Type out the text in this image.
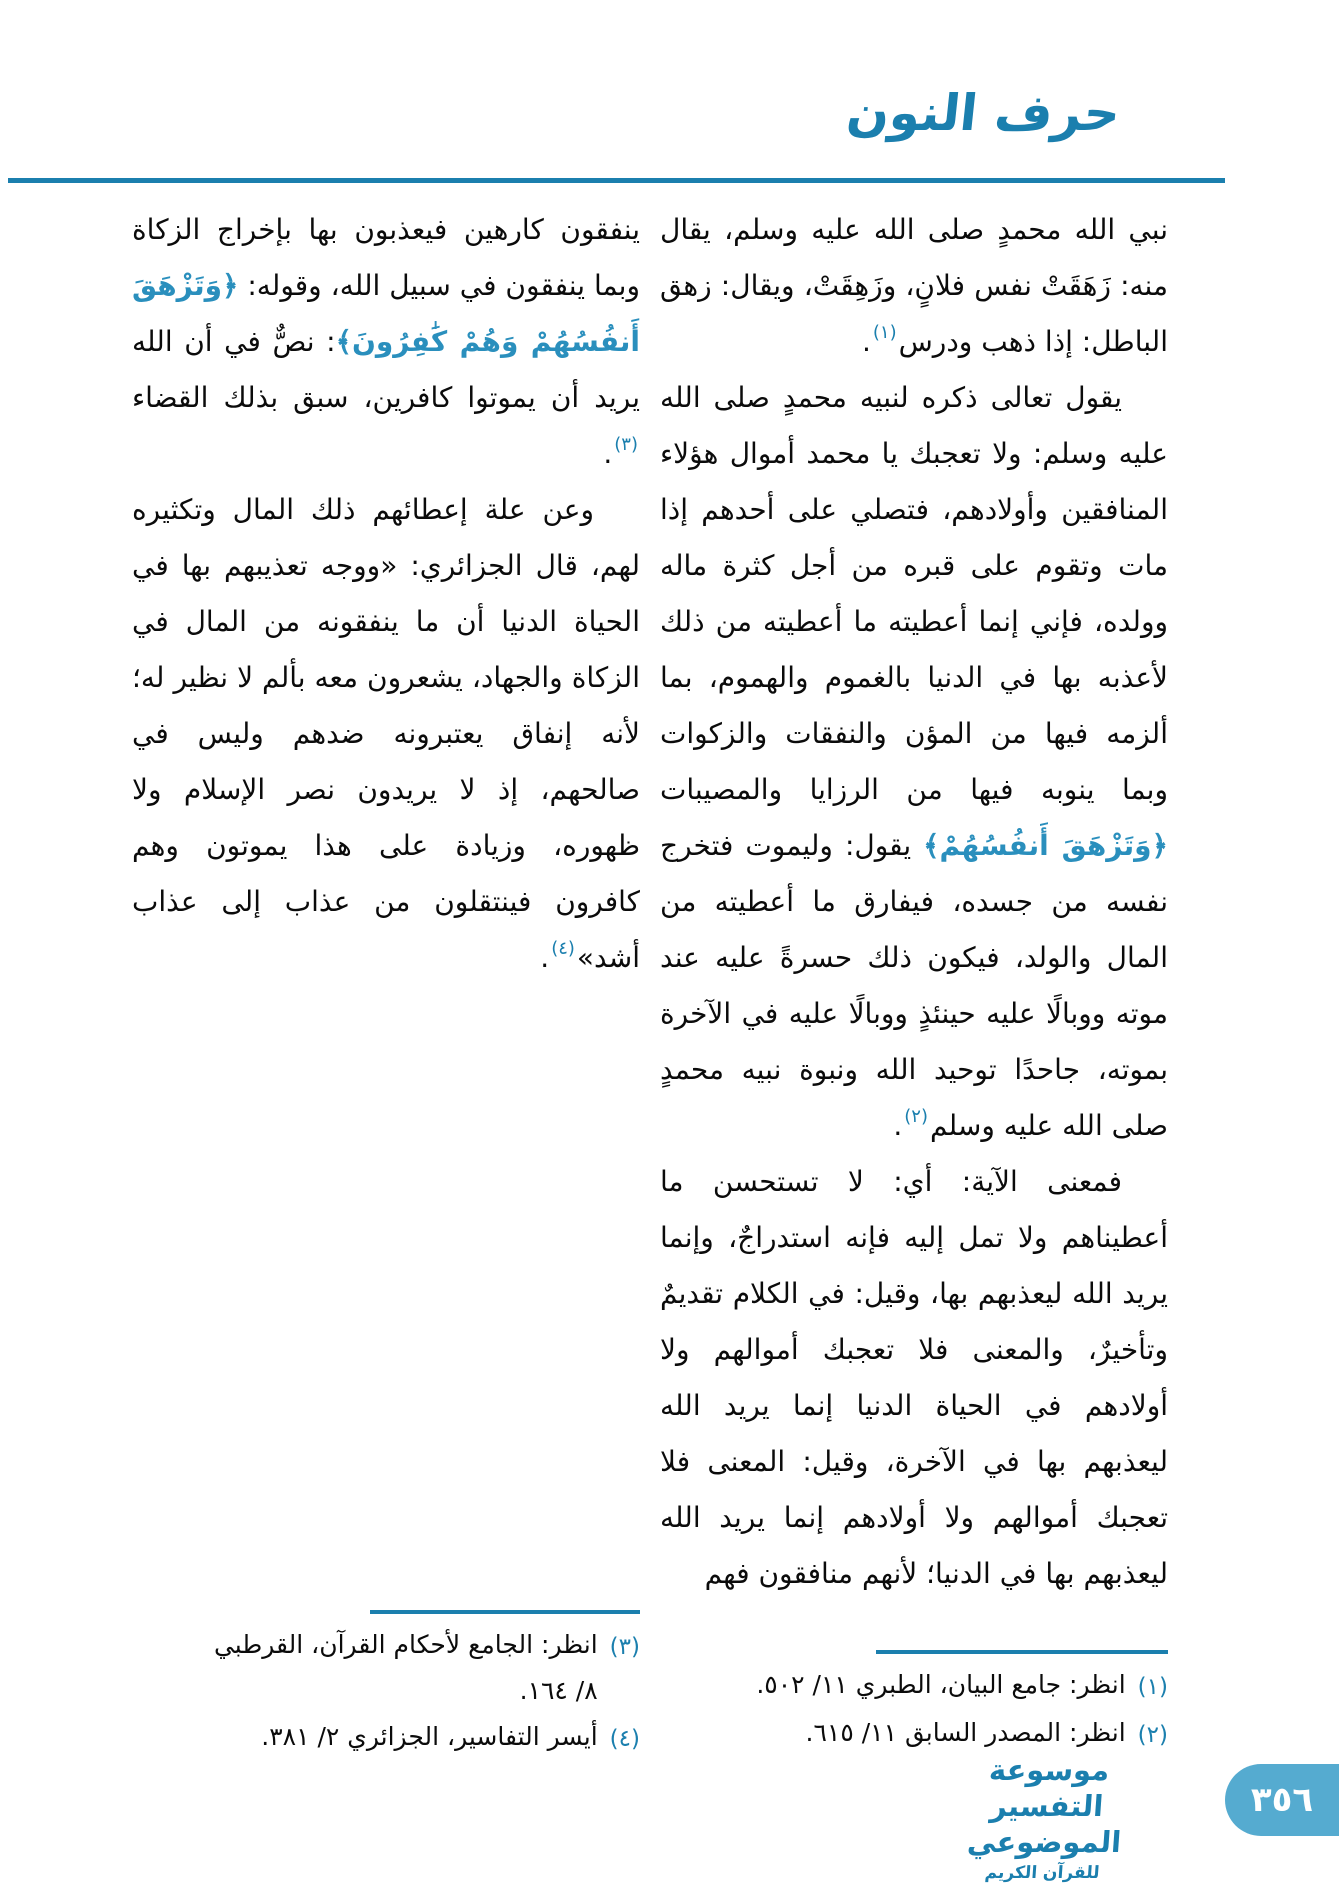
حرف النون

نبي الله محمدٍ صلى الله عليه وسلم، يقال منه: زَهَقَتْ نفس فلانٍ، وزَهِقَتْ، ويقال: زهق الباطل: إذا ذهب ودرس$^{(١)}$.

يقول تعالى ذكره لنبيه محمدٍ صلى الله عليه وسلم: ولا تعجبك يا محمد أموال هؤلاء المنافقين وأولادهم، فتصلي على أحدهم إذا مات وتقوم على قبره من أجل كثرة ماله وولده، فإني إنما أعطيته ما أعطيته من ذلك لأعذبه بها في الدنيا بالغموم والهموم، بما ألزمه فيها من المؤن والنفقات والزكوات وبما ينوبه فيها من الرزايا والمصيبات ﴿وَتَزْهَقَ أَنفُسُهُمْ﴾ يقول: وليموت فتخرج نفسه من جسده، فيفارق ما أعطيته من المال والولد، فيكون ذلك حسرةً عليه عند موته ووبالًا عليه حينئذٍ ووبالًا عليه في الآخرة بموته، جاحدًا توحيد الله ونبوة نبيه محمدٍ صلى الله عليه وسلم$^{(٢)}$.

فمعنى الآية: أي: لا تستحسن ما أعطيناهم ولا تمل إليه فإنه استدراجٌ، وإنما يريد الله ليعذبهم بها، وقيل: في الكلام تقديمٌ وتأخيرٌ، والمعنى فلا تعجبك أموالهم ولا أولادهم في الحياة الدنيا إنما يريد الله ليعذبهم بها في الآخرة، وقيل: المعنى فلا تعجبك أموالهم ولا أولادهم إنما يريد الله ليعذبهم بها في الدنيا؛ لأنهم منافقون فهم

ينفقون كارهين فيعذبون بها بإخراج الزكاة وبما ينفقون في سبيل الله، وقوله: ﴿وَتَزْهَقَ أَنفُسُهُمْ وَهُمْ كَٰفِرُونَ﴾: نصٌّ في أن الله يريد أن يموتوا كافرين، سبق بذلك القضاء $^{(٣)}$.

وعن علة إعطائهم ذلك المال وتكثيره لهم، قال الجزائري: «ووجه تعذيبهم بها في الحياة الدنيا أن ما ينفقونه من المال في الزكاة والجهاد، يشعرون معه بألم لا نظير له؛ لأنه إنفاق يعتبرونه ضدهم وليس في صالحهم، إذ لا يريدون نصر الإسلام ولا ظهوره، وزيادة على هذا يموتون وهم كافرون فينتقلون من عذاب إلى عذاب أشد»$^{(٤)}$.

(١)
انظر: جامع البيان، الطبري ١١/ ٥٠٢.
(٢)
انظر: المصدر السابق ١١/ ٦١٥.
(٣)
انظر: الجامع لأحكام القرآن، القرطبي
٨/ ١٦٤.
(٤)
أيسر التفاسير، الجزائري ٢/ ٣٨١.
موسوعة التفسير الموضوعي
للقرآن الكريم
٣٥٦
